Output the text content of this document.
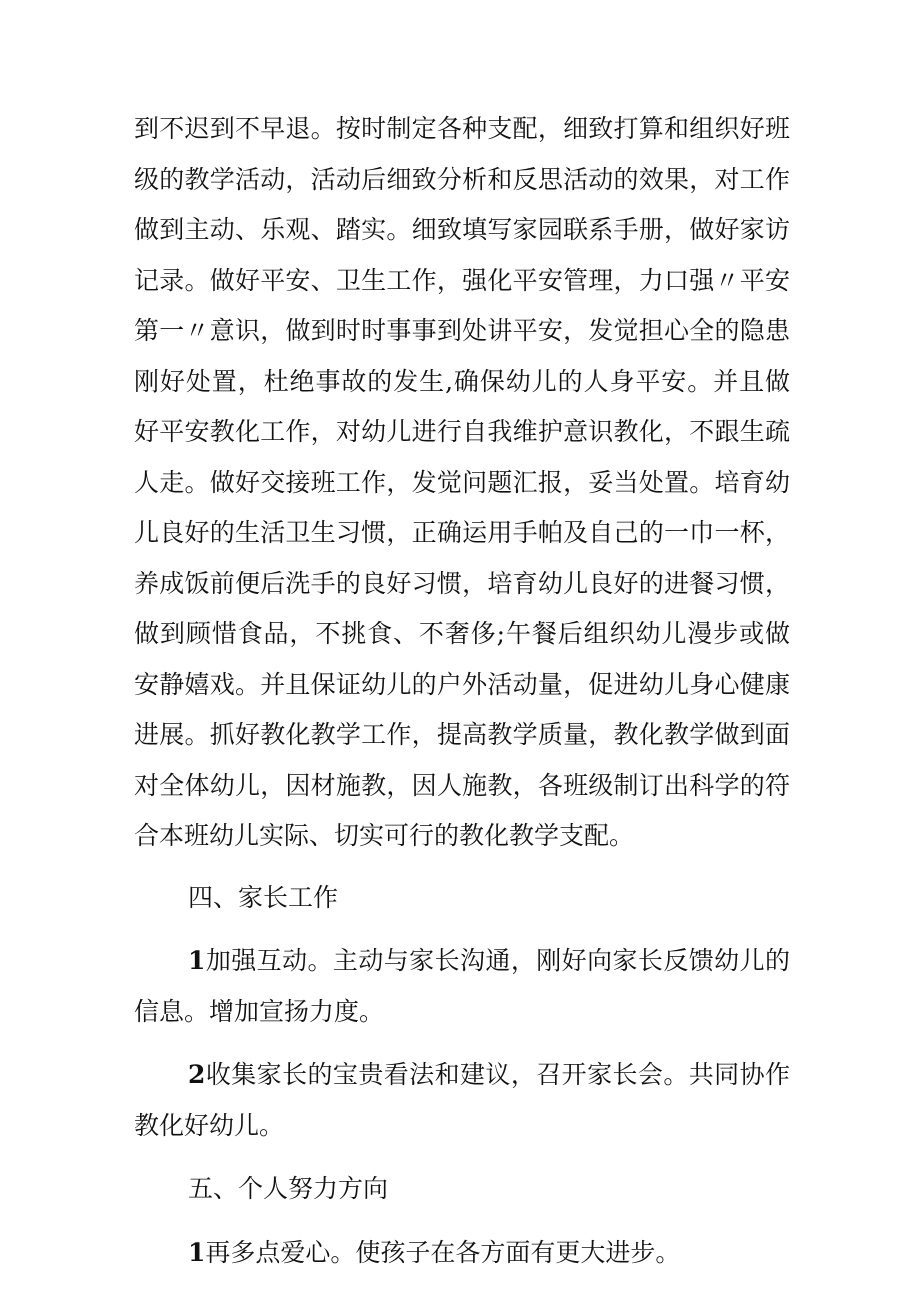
到不迟到不早退。按时制定各种支配，细致打算和组织好班级的教学活动，活动后细致分析和反思活动的效果，对工作做到主动、乐观、踏实。细致填写家园联系手册，做好家访记录。做好平安、卫生工作，强化平安管理，力口强〃平安第一〃意识，做到时时事事到处讲平安，发觉担心全的隐患刚好处置，杜绝事故的发生,确保幼儿的人身平安。并且做好平安教化工作，对幼儿进行自我维护意识教化，不跟生疏人走。做好交接班工作，发觉问题汇报，妥当处置。培育幼儿良好的生活卫生习惯，正确运用手帕及自己的一巾一杯，养成饭前便后洗手的良好习惯，培育幼儿良好的进餐习惯，做到顾惜食品，不挑食、不奢侈;午餐后组织幼儿漫步或做安静嬉戏。并且保证幼儿的户外活动量，促进幼儿身心健康进展。抓好教化教学工作，提高教学质量，教化教学做到面对全体幼儿，因材施教，因人施教，各班级制订出科学的符合本班幼儿实际、切实可行的教化教学支配。

四、家长工作

1加强互动。主动与家长沟通，刚好向家长反馈幼儿的信息。增加宣扬力度。

2收集家长的宝贵看法和建议，召开家长会。共同协作教化好幼儿。

五、个人努力方向

1再多点爱心。使孩子在各方面有更大进步。
